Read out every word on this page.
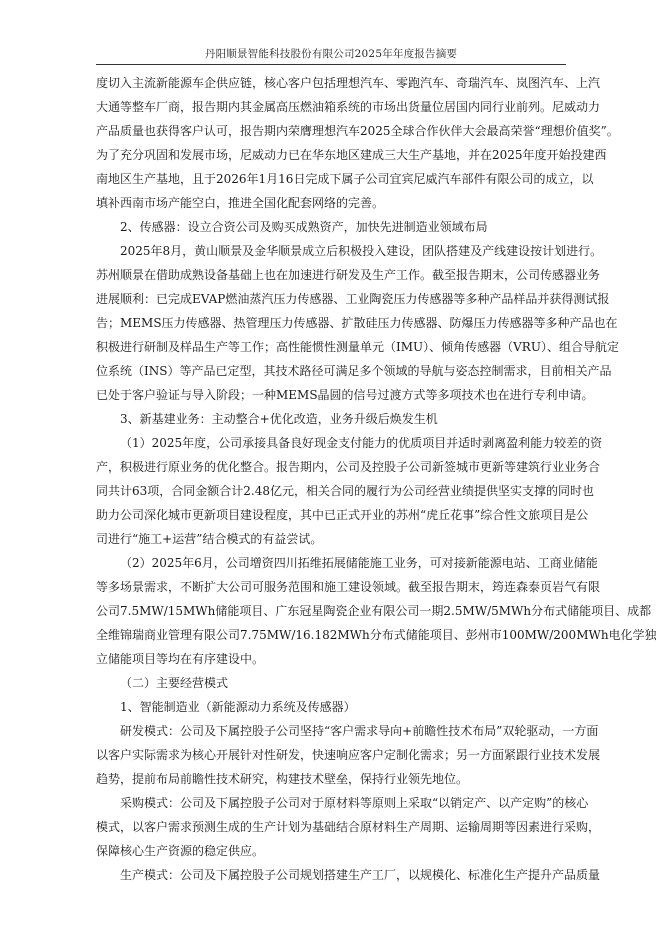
丹阳顺景智能科技股份有限公司2025年年度报告摘要
度切入主流新能源车企供应链，核心客户包括理想汽车、零跑汽车、奇瑞汽车、岚图汽车、上汽
大通等整车厂商，报告期内其金属高压燃油箱系统的市场出货量位居国内同行业前列。尼威动力
产品质量也获得客户认可，报告期内荣膺理想汽车2025全球合作伙伴大会最高荣誉“理想价值奖”。
为了充分巩固和发展市场，尼威动力已在华东地区建成三大生产基地，并在2025年度开始投建西
南地区生产基地，且于2026年1月16日完成下属子公司宜宾尼威汽车部件有限公司的成立，以
填补西南市场产能空白，推进全国化配套网络的完善。
2、传感器：设立合资公司及购买成熟资产，加快先进制造业领域布局
2025年8月，黄山顺景及金华顺景成立后积极投入建设，团队搭建及产线建设按计划进行。
苏州顺景在借助成熟设备基础上也在加速进行研发及生产工作。截至报告期末，公司传感器业务
进展顺利：已完成EVAP燃油蒸汽压力传感器、工业陶瓷压力传感器等多种产品样品并获得测试报
告；MEMS压力传感器、热管理压力传感器、扩散硅压力传感器、防爆压力传感器等多种产品也在
积极进行研制及样品生产等工作；高性能惯性测量单元（IMU）、倾角传感器（VRU）、组合导航定
位系统（INS）等产品已定型，其技术路径可满足多个领域的导航与姿态控制需求，目前相关产品
已处于客户验证与导入阶段；一种MEMS晶圆的信号过渡方式等多项技术也在进行专利申请。
3、新基建业务：主动整合+优化改造，业务升级后焕发生机
（1）2025年度，公司承接具备良好现金支付能力的优质项目并适时剥离盈利能力较差的资
产，积极进行原业务的优化整合。报告期内，公司及控股子公司新签城市更新等建筑行业业务合
同共计63项，合同金额合计2.48亿元，相关合同的履行为公司经营业绩提供坚实支撑的同时也
助力公司深化城市更新项目建设程度，其中已正式开业的苏州“虎丘花事”综合性文旅项目是公
司进行“施工+运营”结合模式的有益尝试。
（2）2025年6月，公司增资四川拓维拓展储能施工业务，可对接新能源电站、工商业储能
等多场景需求，不断扩大公司可服务范围和施工建设领域。截至报告期末，筠连森泰页岩气有限
公司7.5MW/15MWh储能项目、广东冠星陶瓷企业有限公司一期2.5MW/5MWh分布式储能项目、成都
全维锦瑞商业管理有限公司7.75MW/16.182MWh分布式储能项目、彭州市100MW/200MWh电化学独
立储能项目等均在有序建设中。
（二）主要经营模式
1、智能制造业（新能源动力系统及传感器）
研发模式：公司及下属控股子公司坚持“客户需求导向+前瞻性技术布局”双轮驱动，一方面
以客户实际需求为核心开展针对性研发，快速响应客户定制化需求；另一方面紧跟行业技术发展
趋势，提前布局前瞻性技术研究，构建技术壁垒，保持行业领先地位。
采购模式：公司及下属控股子公司对于原材料等原则上采取“以销定产、以产定购”的核心
模式，以客户需求预测生成的生产计划为基础结合原材料生产周期、运输周期等因素进行采购，
保障核心生产资源的稳定供应。
生产模式：公司及下属控股子公司规划搭建生产工厂，以规模化、标准化生产提升产品质量
